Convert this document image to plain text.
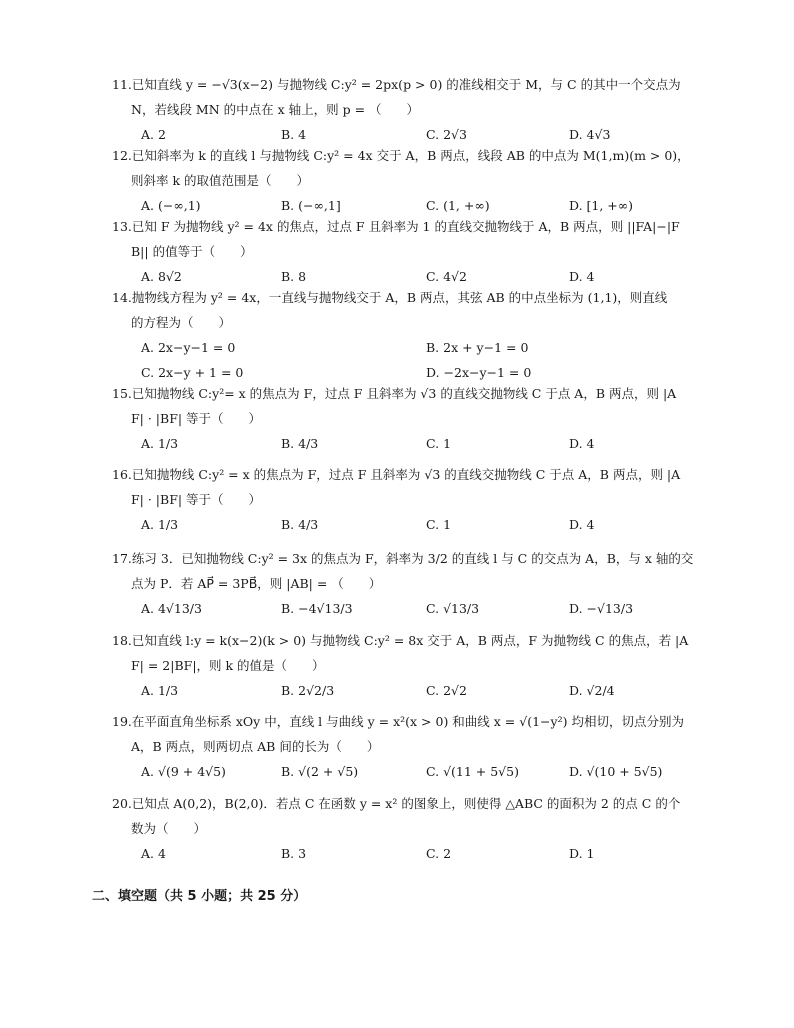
11.已知直线 y = −√3(x−2) 与抛物线 C:y² = 2px(p > 0) 的准线相交于 M，与 C 的其中一个交点为
N，若线段 MN 的中点在 x 轴上，则 p = （　　）
A. 2	B. 4	C. 2√3	D. 4√3
12.已知斜率为 k 的直线 l 与抛物线 C:y² = 4x 交于 A，B 两点，线段 AB 的中点为 M(1,m)(m > 0)，
则斜率 k 的取值范围是（　　）
A. (−∞,1)	B. (−∞,1]	C. (1, +∞)	D. [1, +∞)
13.已知 F 为抛物线 y² = 4x 的焦点，过点 F 且斜率为 1 的直线交抛物线于 A，B 两点，则 ||FA|−|F
B|| 的值等于（　　）
A. 8√2	B. 8	C. 4√2	D. 4
14.抛物线方程为 y² = 4x，一直线与抛物线交于 A，B 两点，其弦 AB 的中点坐标为 (1,1)，则直线
的方程为（　　）
A. 2x−y−1 = 0	B. 2x + y−1 = 0
C. 2x−y + 1 = 0	D. −2x−y−1 = 0
15.已知抛物线 C:y²= x 的焦点为 F，过点 F 且斜率为 √3 的直线交抛物线 C 于点 A，B 两点，则 |A
F| · |BF| 等于（　　）
A. 1/3	B. 4/3	C. 1	D. 4
16.已知抛物线 C:y² = x 的焦点为 F，过点 F 且斜率为 √3 的直线交抛物线 C 于点 A，B 两点，则 |A
F| · |BF| 等于（　　）
A. 1/3	B. 4/3	C. 1	D. 4
17.练习 3．已知抛物线 C:y² = 3x 的焦点为 F，斜率为 3/2 的直线 l 与 C 的交点为 A，B，与 x 轴的交
点为 P．若 AP⃗ = 3PB⃗，则 |AB| = （　　）
A. 4√13/3	B. −4√13/3	C. √13/3	D. −√13/3
18.已知直线 l:y = k(x−2)(k > 0) 与抛物线 C:y² = 8x 交于 A，B 两点，F 为抛物线 C 的焦点，若 |A
F| = 2|BF|，则 k 的值是（　　）
A. 1/3	B. 2√2/3	C. 2√2	D. √2/4
19.在平面直角坐标系 xOy 中，直线 l 与曲线 y = x²(x > 0) 和曲线 x = √(1−y²) 均相切，切点分别为
A，B 两点，则两切点 AB 间的长为（　　）
A. √(9 + 4√5)	B. √(2 + √5)	C. √(11 + 5√5)	D. √(10 + 5√5)
20.已知点 A(0,2)，B(2,0)．若点 C 在函数 y = x² 的图象上，则使得 △ABC 的面积为 2 的点 C 的个
数为（　　）
A. 4	B. 3	C. 2	D. 1
二、填空题（共 5 小题；共 25 分）
